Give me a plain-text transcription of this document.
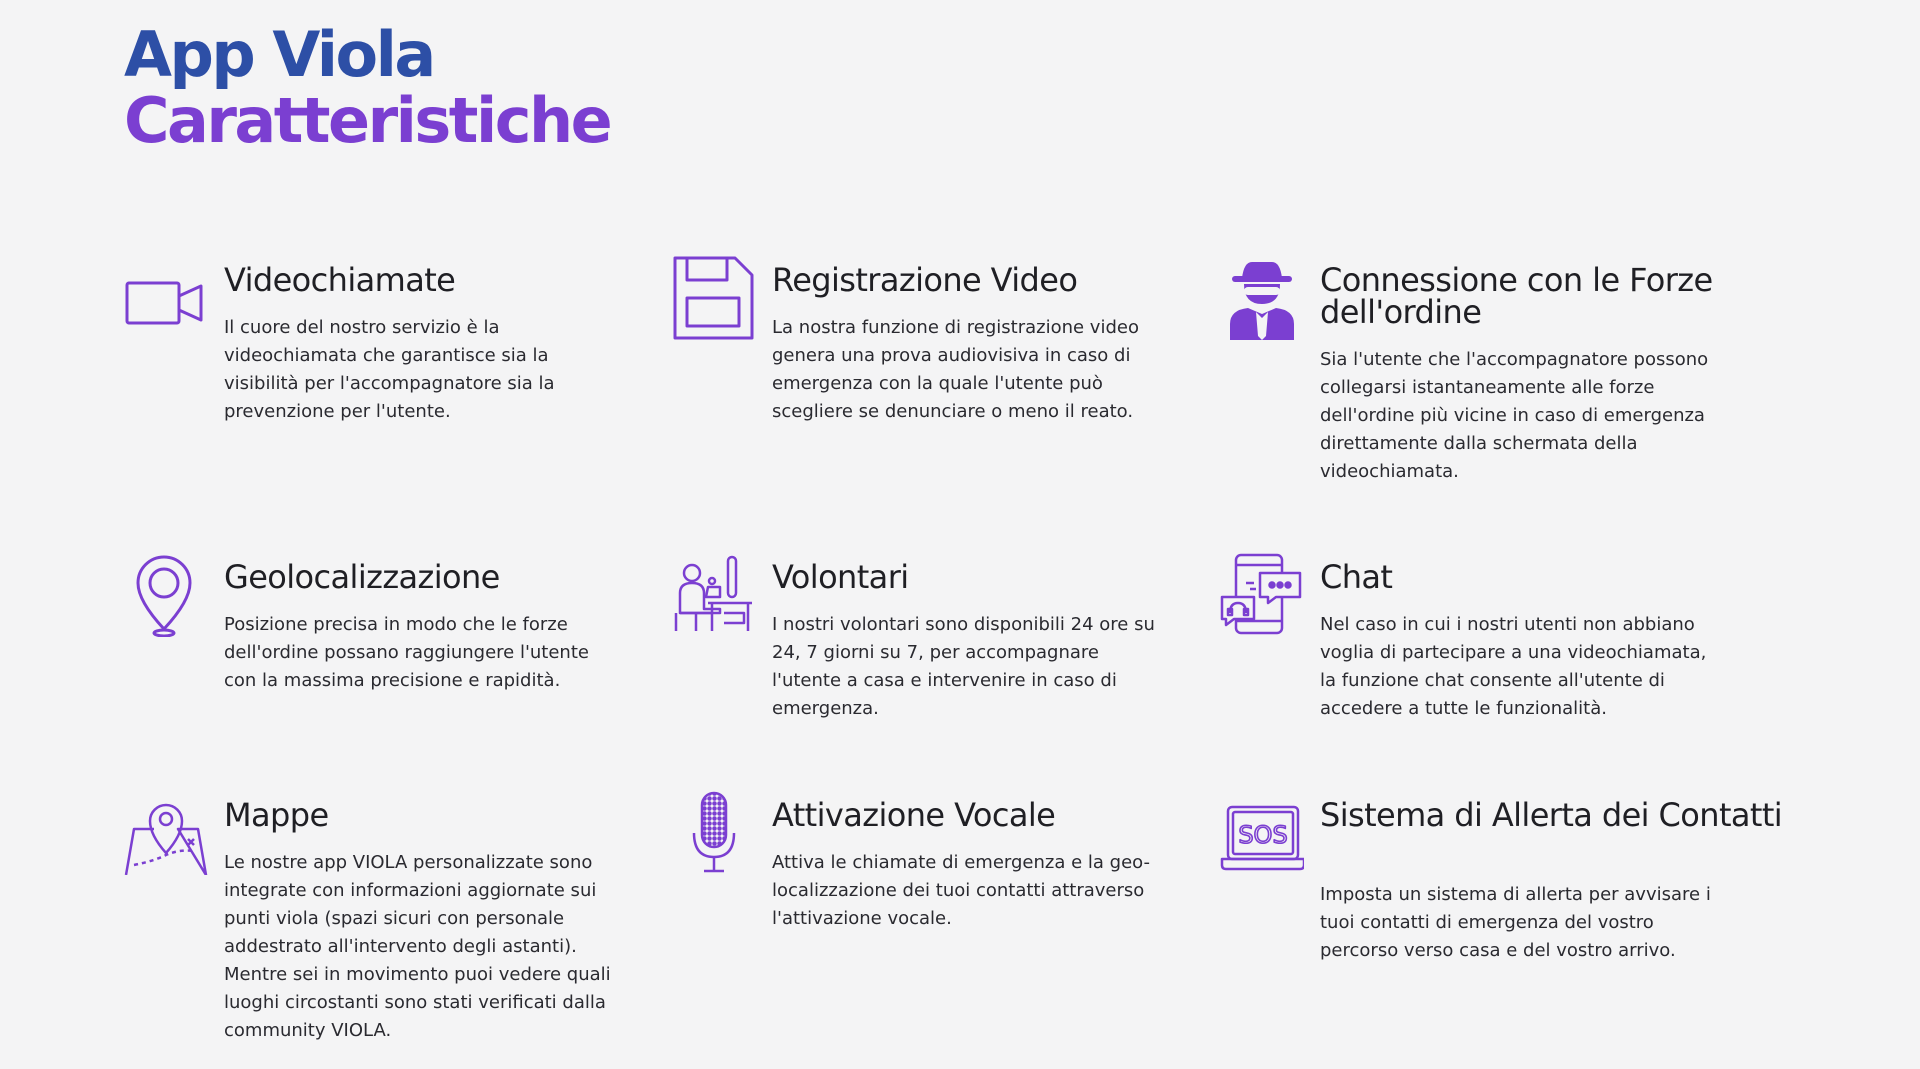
App Viola
Caratteristiche
Videochiamate

Il cuore del nostro servizio è la videochiamata che garantisce sia la visibilità per l'accompagnatore sia la prevenzione per l'utente.

Registrazione Video

La nostra funzione di registrazione video genera una prova audiovisiva in caso di emergenza con la quale l'utente può scegliere se denunciare o meno il reato.

Connessione con le Forze dell'ordine

Sia l'utente che l'accompagnatore possono collegarsi istantaneamente alle forze dell'ordine più vicine in caso di emergenza direttamente dalla schermata della videochiamata.

Geolocalizzazione

Posizione precisa in modo che le forze dell'ordine possano raggiungere l'utente con la massima precisione e rapidità.

Volontari

I nostri volontari sono disponibili 24 ore su 24, 7 giorni su 7, per accompagnare l'utente a casa e intervenire in caso di emergenza.

Chat

Nel caso in cui i nostri utenti non abbiano voglia di partecipare a una videochiamata, la funzione chat consente all'utente di accedere a tutte le funzionalità.

Mappe

Le nostre app VIOLA personalizzate sono integrate con informazioni aggiornate sui punti viola (spazi sicuri con personale addestrato all'intervento degli astanti). Mentre sei in movimento puoi vedere quali luoghi circostanti sono stati verificati dalla community VIOLA.

Attivazione Vocale

Attiva le chiamate di emergenza e la geo-localizzazione dei tuoi contatti attraverso l'attivazione vocale.

SOS
Sistema di Allerta dei Contatti

Imposta un sistema di allerta per avvisare i tuoi contatti di emergenza del vostro percorso verso casa e del vostro arrivo.
